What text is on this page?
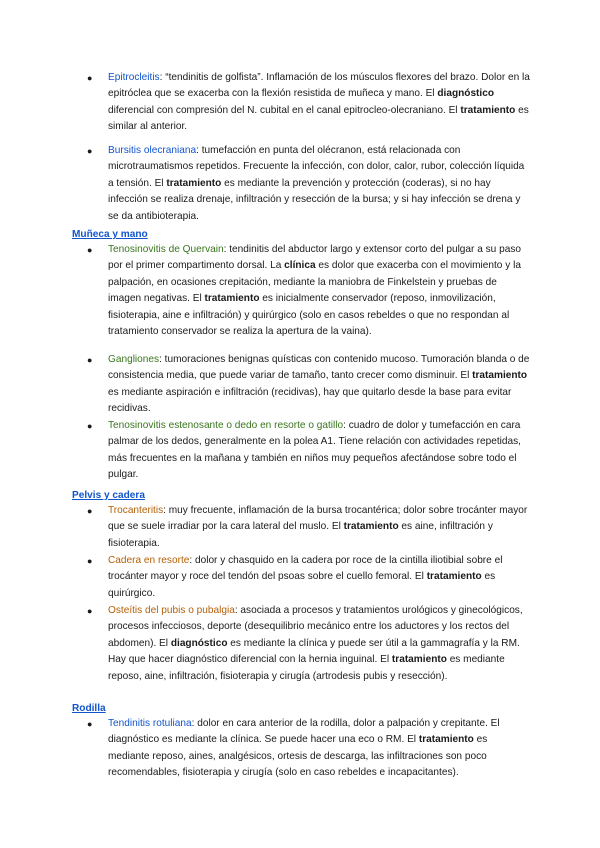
●	Epitrocleitis: “tendinitis de golfista”. Inflamación de los músculos flexores del brazo. Dolor en la epitróclea que se exacerba con la flexión resistida de muñeca y mano. El diagnóstico diferencial con compresión del N. cubital en el canal epitrocleo-olecraniano. El tratamiento es similar al anterior.
●	Bursitis olecraniana: tumefacción en punta del olécranon, está relacionada con microtraumatismos repetidos. Frecuente la infección, con dolor, calor, rubor, colección líquida a tensión. El tratamiento es mediante la prevención y protección (coderas), si no hay infección se realiza drenaje, infiltración y resección de la bursa; y si hay infección se drena y se da antibioterapia.
Muñeca y mano
●	Tenosinovitis de Quervain: tendinitis del abductor largo y extensor corto del pulgar a su paso por el primer compartimento dorsal. La clínica es dolor que exacerba con el movimiento y la palpación, en ocasiones crepitación, mediante la maniobra de Finkelstein y pruebas de imagen negativas. El tratamiento es inicialmente conservador (reposo, inmovilización, fisioterapia, aine e infiltración) y quirúrgico (solo en casos rebeldes o que no respondan al tratamiento conservador se realiza la apertura de la vaina).
●	Gangliones: tumoraciones benignas quísticas con contenido mucoso. Tumoración blanda o de consistencia media, que puede variar de tamaño, tanto crecer como disminuir. El tratamiento es mediante aspiración e infiltración (recidivas), hay que quitarlo desde la base para evitar recidivas.
●	Tenosinovitis estenosante o dedo en resorte o gatillo: cuadro de dolor y tumefacción en cara palmar de los dedos, generalmente en la polea A1. Tiene relación con actividades repetidas, más frecuentes en la mañana y también en niños muy pequeños afectándose sobre todo el pulgar.
Pelvis y cadera
●	Trocanteritis: muy frecuente, inflamación de la bursa trocantérica; dolor sobre trocánter mayor que se suele irradiar por la cara lateral del muslo. El tratamiento es aine, infiltración y fisioterapia.
●	Cadera en resorte: dolor y chasquido en la cadera por roce de la cintilla iliotibial sobre el trocánter mayor y roce del tendón del psoas sobre el cuello femoral. El tratamiento es quirúrgico.
●	Osteítis del pubis o pubalgia: asociada a procesos y tratamientos urológicos y ginecológicos, procesos infecciosos, deporte (desequilibrio mecánico entre los aductores y los rectos del abdomen). El diagnóstico es mediante la clínica y puede ser útil a la gammagrafía y la RM. Hay que hacer diagnóstico diferencial con la hernia inguinal. El tratamiento es mediante reposo, aine, infiltración, fisioterapia y cirugía (artrodesis pubis y resección).
Rodilla
●	Tendinitis rotuliana: dolor en cara anterior de la rodilla, dolor a palpación y crepitante. El diagnóstico es mediante la clínica. Se puede hacer una eco o RM. El tratamiento es mediante reposo, aines, analgésicos, ortesis de descarga, las infiltraciones son poco recomendables, fisioterapia y cirugía (solo en caso rebeldes e incapacitantes).
